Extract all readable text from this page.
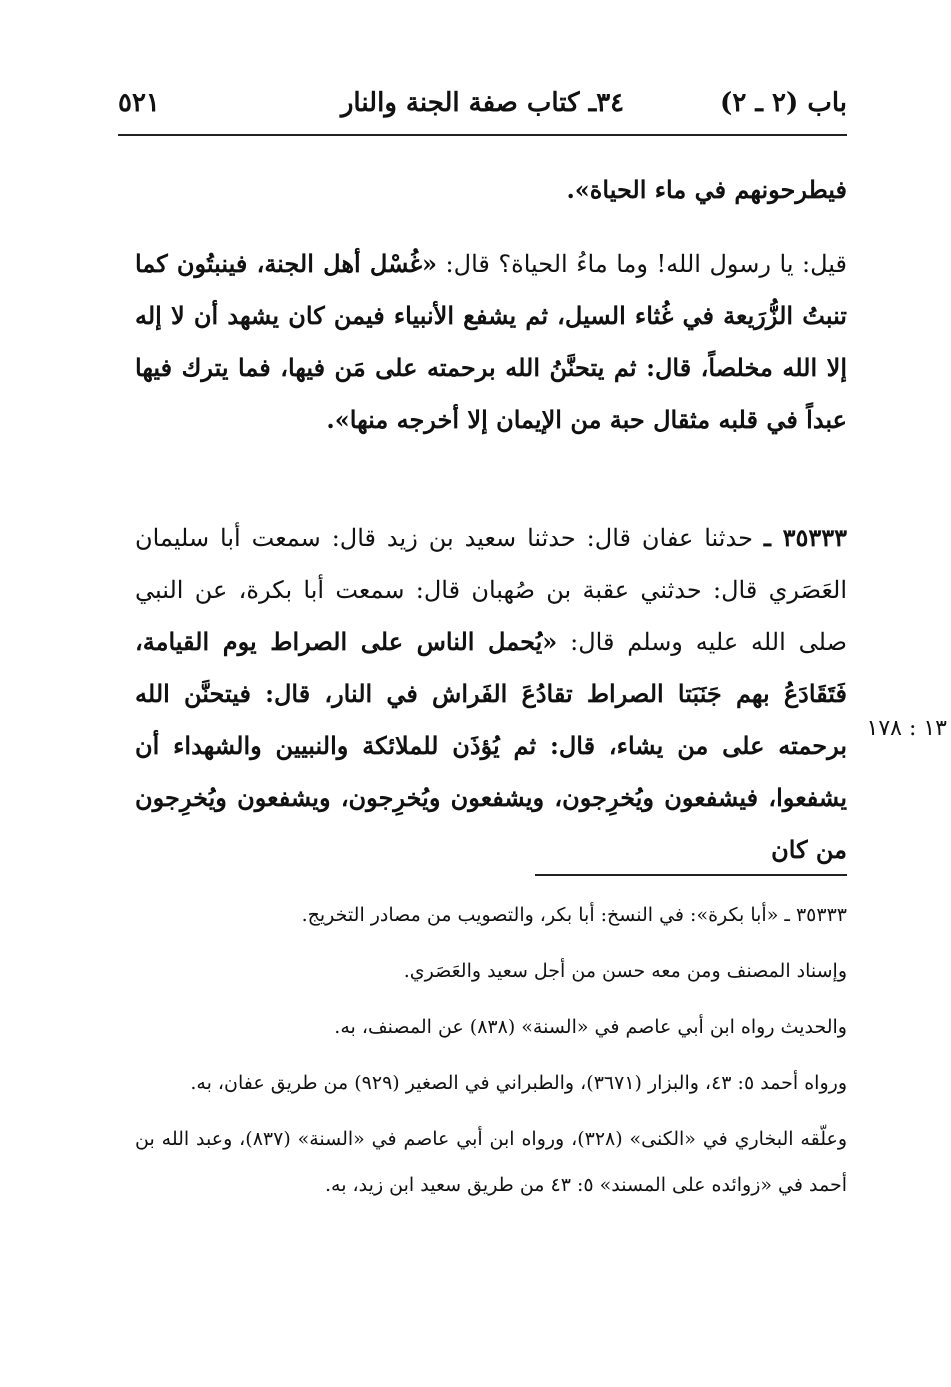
باب (٢ ـ ٢)
٣٤ـ كتاب صفة الجنة والنار
٥٢١

فيطرحونهم في ماء الحياة».

قيل: يا رسول الله! وما ماءُ الحياة؟ قال: «غُسْل أهل الجنة، فينبتُون كما تنبتُ الزُّرَيعة في غُثاء السيل، ثم يشفع الأنبياء فيمن كان يشهد أن لا إله إلا الله مخلصاً، قال: ثم يتحنَّنُ الله برحمته على مَن فيها، فما يترك فيها عبداً في قلبه مثقال حبة من الإيمان إلا أخرجه منها».

٣٥٣٣٣ ـ حدثنا عفان قال: حدثنا سعيد بن زيد قال: سمعت أبا سليمان العَصَري قال: حدثني عقبة بن صُهبان قال: سمعت أبا بكرة، عن النبي صلى الله عليه وسلم قال: «يُحمل الناس على الصراط يوم القيامة، فَتَقَادَعُ بهم جَنَبَتا الصراط تقادُعَ الفَراش في النار، قال: فيتحنَّن الله برحمته على من يشاء، قال: ثم يُؤذَن للملائكة والنبيين والشهداء أن يشفعوا، فيشفعون ويُخرِجون، ويشفعون ويُخرِجون، ويشفعون ويُخرِجون من كان

١٣ : ١٧٨

٣٥٣٣٣ ـ «أبا بكرة»: في النسخ: أبا بكر، والتصويب من مصادر التخريج.

وإسناد المصنف ومن معه حسن من أجل سعيد والعَصَري.

والحديث رواه ابن أبي عاصم في «السنة» (٨٣٨) عن المصنف، به.

ورواه أحمد ٥: ٤٣، والبزار (٣٦٧١)، والطبراني في الصغير (٩٢٩) من طريق عفان، به.

وعلّقه البخاري في «الكنى» (٣٢٨)، ورواه ابن أبي عاصم في «السنة» (٨٣٧)، وعبد الله بن أحمد في «زوائده على المسند» ٥: ٤٣ من طريق سعيد ابن زيد، به.
